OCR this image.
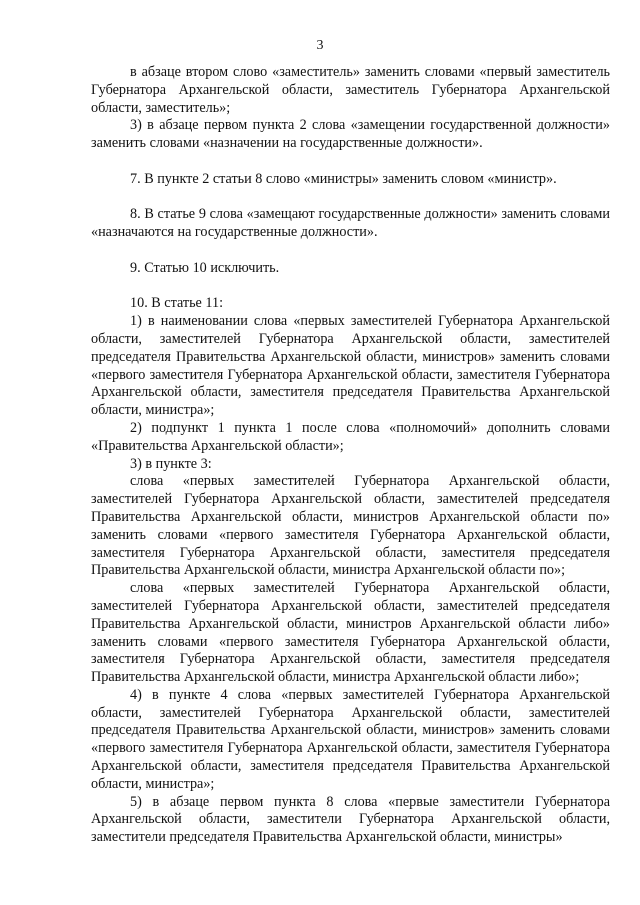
3

в абзаце втором слово «заместитель» заменить словами «первый заместитель Губернатора Архангельской области, заместитель Губернатора Архангельской области, заместитель»;

3) в абзаце первом пункта 2 слова «замещении государственной должности» заменить словами «назначении на государственные должности».

7. В пункте 2 статьи 8 слово «министры» заменить словом «министр».

8. В статье 9 слова «замещают государственные должности» заменить словами «назначаются на государственные должности».

9. Статью 10 исключить.

10. В статье 11:

1) в наименовании слова «первых заместителей Губернатора Архангельской области, заместителей Губернатора Архангельской области, заместителей председателя Правительства Архангельской области, министров» заменить словами «первого заместителя Губернатора Архангельской области, заместителя Губернатора Архангельской области, заместителя председателя Правительства Архангельской области, министра»;

2) подпункт 1 пункта 1 после слова «полномочий» дополнить словами «Правительства Архангельской области»;

3) в пункте 3:

слова «первых заместителей Губернатора Архангельской области, заместителей Губернатора Архангельской области, заместителей председателя Правительства Архангельской области, министров Архангельской области по» заменить словами «первого заместителя Губернатора Архангельской области, заместителя Губернатора Архангельской области, заместителя председателя Правительства Архангельской области, министра Архангельской области по»;

слова «первых заместителей Губернатора Архангельской области, заместителей Губернатора Архангельской области, заместителей председателя Правительства Архангельской области, министров Архангельской области либо» заменить словами «первого заместителя Губернатора Архангельской области, заместителя Губернатора Архангельской области, заместителя председателя Правительства Архангельской области, министра Архангельской области либо»;

4) в пункте 4 слова «первых заместителей Губернатора Архангельской области, заместителей Губернатора Архангельской области, заместителей председателя Правительства Архангельской области, министров» заменить словами «первого заместителя Губернатора Архангельской области, заместителя Губернатора Архангельской области, заместителя председателя Правительства Архангельской области, министра»;

5) в абзаце первом пункта 8 слова «первые заместители Губернатора Архангельской области, заместители Губернатора Архангельской области, заместители председателя Правительства Архангельской области, министры»
